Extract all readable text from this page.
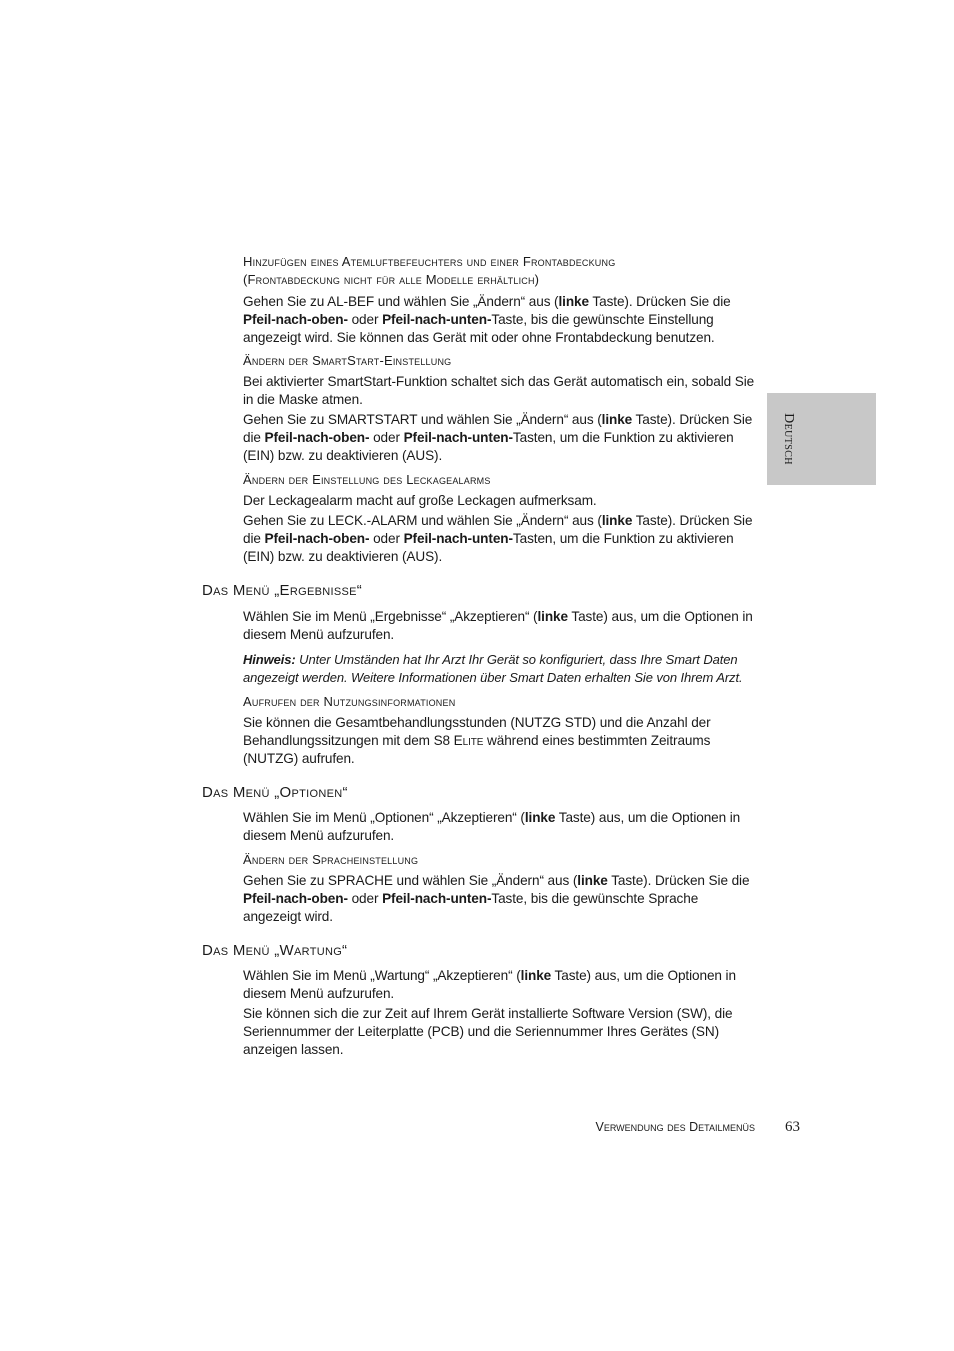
Hinzufügen eines Atemluftbefeuchters und einer Frontabdeckung
(Frontabdeckung nicht für alle Modelle erhältlich)
Gehen Sie zu AL-BEF und wählen Sie „Ändern“ aus (linke Taste). Drücken Sie die Pfeil-nach-oben- oder Pfeil-nach-unten-Taste, bis die gewünschte Einstellung angezeigt wird. Sie können das Gerät mit oder ohne Frontabdeckung benutzen.
Ändern der SmartStart-Einstellung
Bei aktivierter SmartStart-Funktion schaltet sich das Gerät automatisch ein, sobald Sie in die Maske atmen.
Gehen Sie zu SMARTSTART und wählen Sie „Ändern“ aus (linke Taste). Drücken Sie die Pfeil-nach-oben- oder Pfeil-nach-unten-Tasten, um die Funktion zu aktivieren (EIN) bzw. zu deaktivieren (AUS).
Ändern der Einstellung des Leckagealarms
Der Leckagealarm macht auf große Leckagen aufmerksam.
Gehen Sie zu LECK.-ALARM und wählen Sie „Ändern“ aus (linke Taste). Drücken Sie die Pfeil-nach-oben- oder Pfeil-nach-unten-Tasten, um die Funktion zu aktivieren (EIN) bzw. zu deaktivieren (AUS).
Das Menü „Ergebnisse“
Wählen Sie im Menü „Ergebnisse“ „Akzeptieren“ (linke Taste) aus, um die Optionen in diesem Menü aufzurufen.
Hinweis: Unter Umständen hat Ihr Arzt Ihr Gerät so konfiguriert, dass Ihre Smart Daten angezeigt werden. Weitere Informationen über Smart Daten erhalten Sie von Ihrem Arzt.
Aufrufen der Nutzungsinformationen
Sie können die Gesamtbehandlungsstunden (NUTZG STD) und die Anzahl der Behandlungssitzungen mit dem S8 Elite während eines bestimmten Zeitraums (NUTZG) aufrufen.
Das Menü „Optionen“
Wählen Sie im Menü „Optionen“ „Akzeptieren“ (linke Taste) aus, um die Optionen in diesem Menü aufzurufen.
Ändern der Spracheinstellung
Gehen Sie zu SPRACHE und wählen Sie „Ändern“ aus (linke Taste). Drücken Sie die Pfeil-nach-oben- oder Pfeil-nach-unten-Taste, bis die gewünschte Sprache angezeigt wird.
Das Menü „Wartung“
Wählen Sie im Menü „Wartung“ „Akzeptieren“ (linke Taste) aus, um die Optionen in diesem Menü aufzurufen.
Sie können sich die zur Zeit auf Ihrem Gerät installierte Software Version (SW), die Seriennummer der Leiterplatte (PCB) und die Seriennummer Ihres Gerätes (SN) anzeigen lassen.
Verwendung des Detailmenüs 63
Deutsch
